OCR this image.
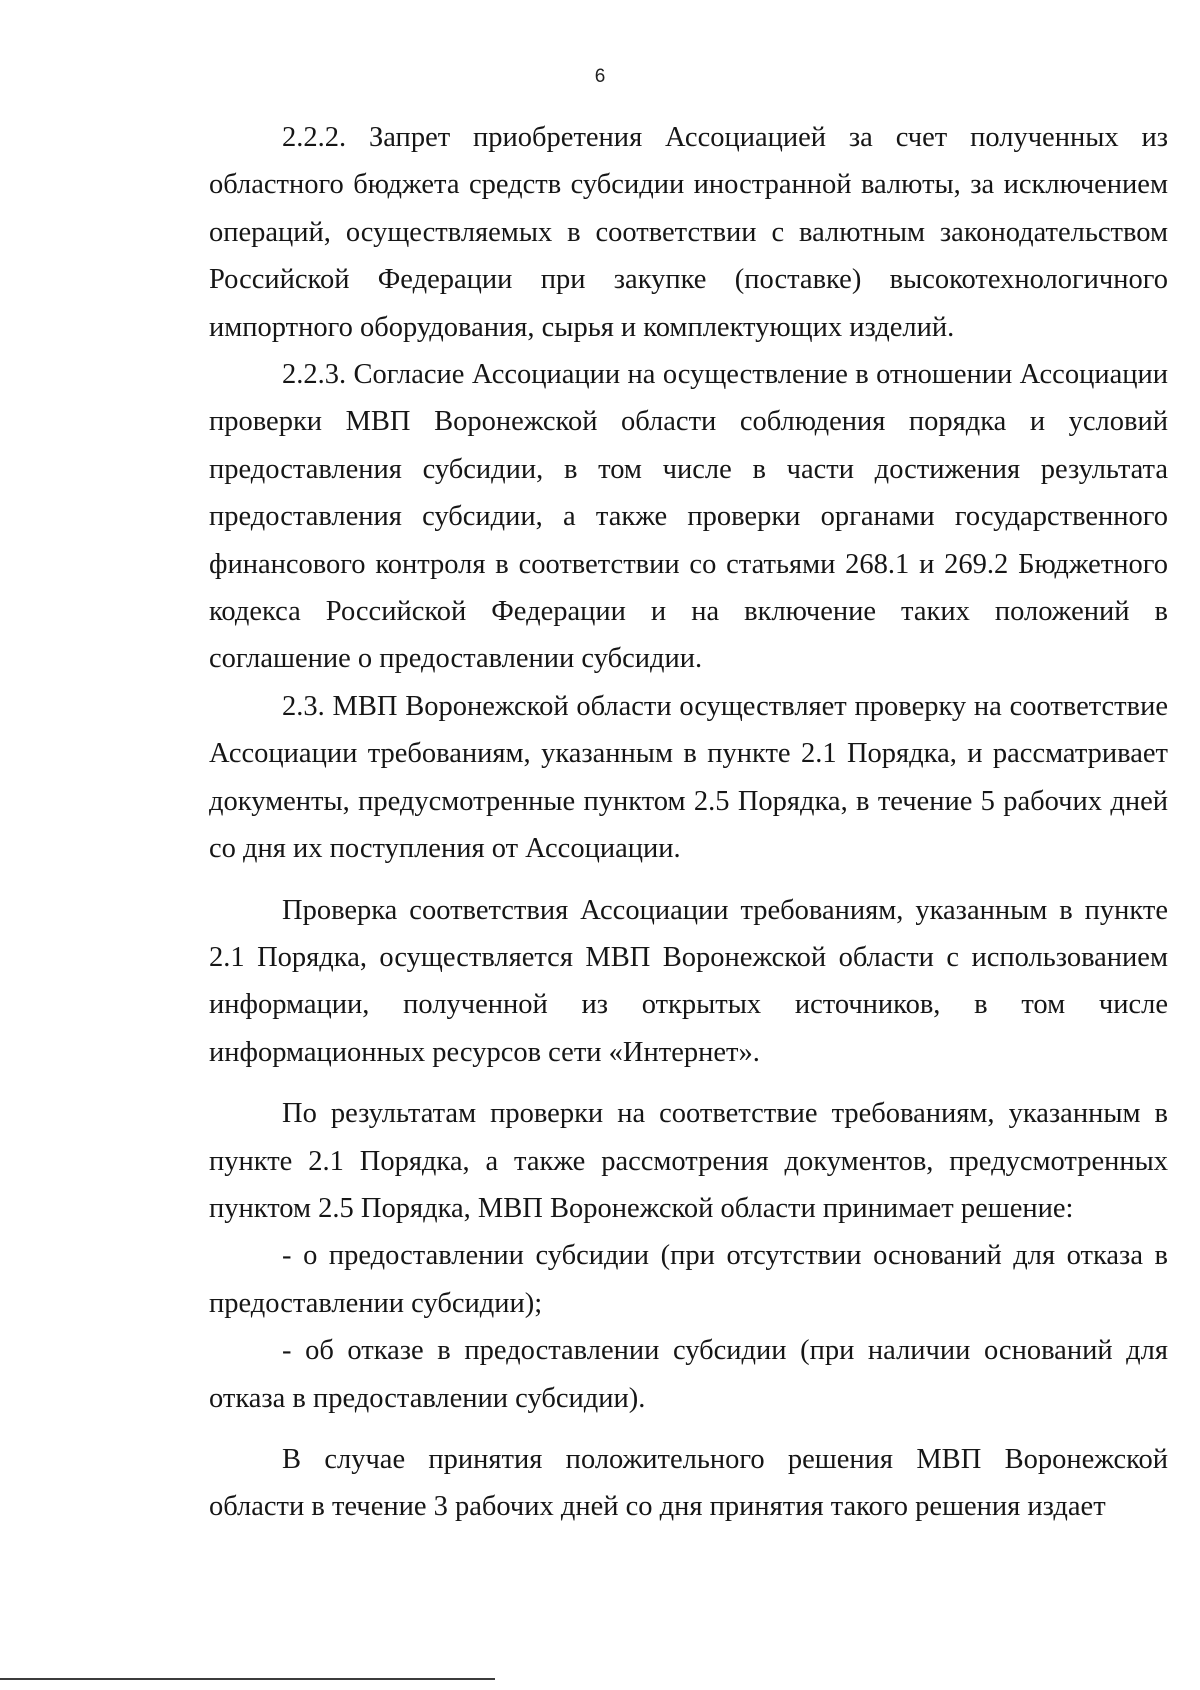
6

2.2.2. Запрет приобретения Ассоциацией за счет полученных из областного бюджета средств субсидии иностранной валюты, за исключением операций, осуществляемых в соответствии с валютным законодательством Российской Федерации при закупке (поставке) высокотехнологичного импортного оборудования, сырья и комплектующих изделий.

2.2.3. Согласие Ассоциации на осуществление в отношении Ассоциации проверки МВП Воронежской области соблюдения порядка и условий предоставления субсидии, в том числе в части достижения результата предоставления субсидии, а также проверки органами государственного финансового контроля в соответствии со статьями 268.1 и 269.2 Бюджетного кодекса Российской Федерации и на включение таких положений в соглашение о предоставлении субсидии.

2.3. МВП Воронежской области осуществляет проверку на соответствие Ассоциации требованиям, указанным в пункте 2.1 Порядка, и рассматривает документы, предусмотренные пунктом 2.5 Порядка, в течение 5 рабочих дней со дня их поступления от Ассоциации.

Проверка соответствия Ассоциации требованиям, указанным в пункте 2.1 Порядка, осуществляется МВП Воронежской области с использованием информации, полученной из открытых источников, в том числе информационных ресурсов сети «Интернет».

По результатам проверки на соответствие требованиям, указанным в пункте 2.1 Порядка, а также рассмотрения документов, предусмотренных пунктом 2.5 Порядка, МВП Воронежской области принимает решение:

- о предоставлении субсидии (при отсутствии оснований для отказа в предоставлении субсидии);

- об отказе в предоставлении субсидии (при наличии оснований для отказа в предоставлении субсидии).

В случае принятия положительного решения МВП Воронежской области в течение 3 рабочих дней со дня принятия такого решения издает
